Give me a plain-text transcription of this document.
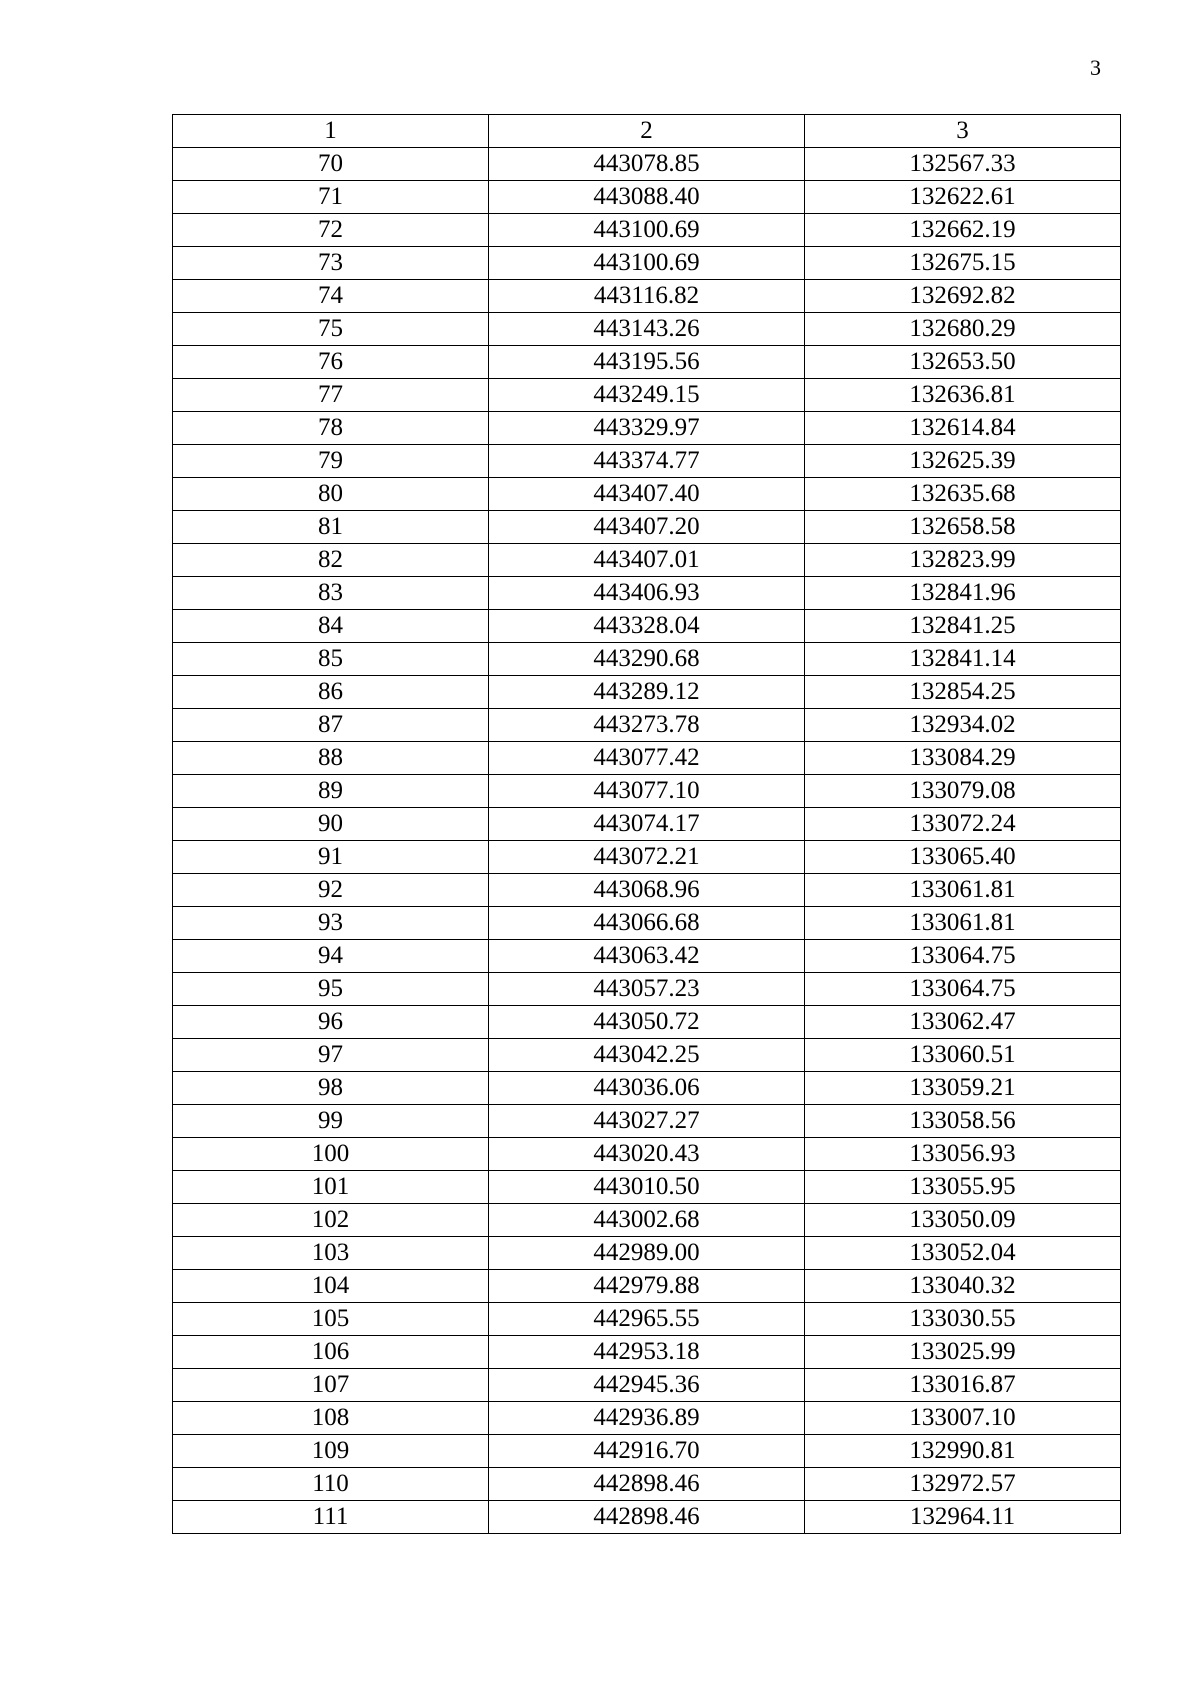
3
1	2	3
70	443078.85	132567.33
71	443088.40	132622.61
72	443100.69	132662.19
73	443100.69	132675.15
74	443116.82	132692.82
75	443143.26	132680.29
76	443195.56	132653.50
77	443249.15	132636.81
78	443329.97	132614.84
79	443374.77	132625.39
80	443407.40	132635.68
81	443407.20	132658.58
82	443407.01	132823.99
83	443406.93	132841.96
84	443328.04	132841.25
85	443290.68	132841.14
86	443289.12	132854.25
87	443273.78	132934.02
88	443077.42	133084.29
89	443077.10	133079.08
90	443074.17	133072.24
91	443072.21	133065.40
92	443068.96	133061.81
93	443066.68	133061.81
94	443063.42	133064.75
95	443057.23	133064.75
96	443050.72	133062.47
97	443042.25	133060.51
98	443036.06	133059.21
99	443027.27	133058.56
100	443020.43	133056.93
101	443010.50	133055.95
102	443002.68	133050.09
103	442989.00	133052.04
104	442979.88	133040.32
105	442965.55	133030.55
106	442953.18	133025.99
107	442945.36	133016.87
108	442936.89	133007.10
109	442916.70	132990.81
110	442898.46	132972.57
111	442898.46	132964.11
